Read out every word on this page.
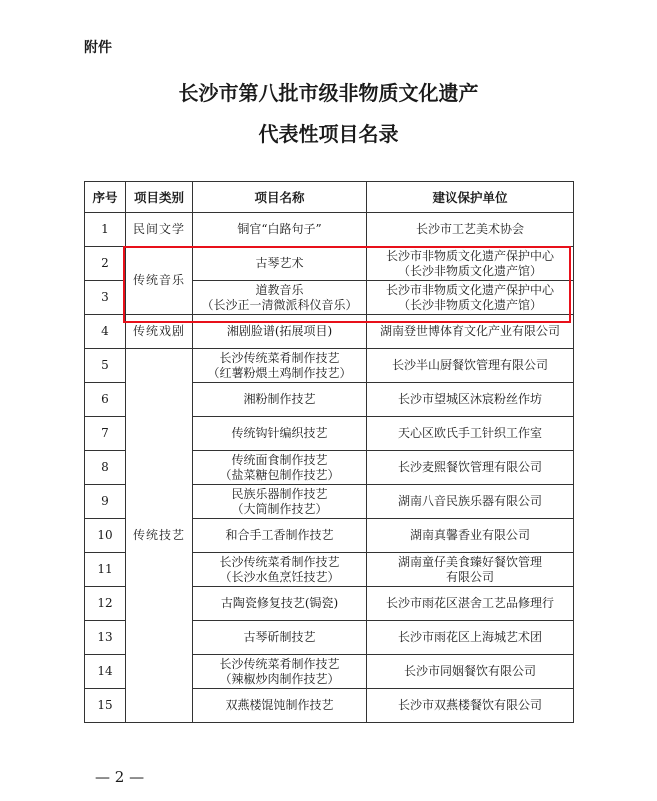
附件
长沙市第八批市级非物质文化遗产
代表性项目名录
序号	项目类别	项目名称	建议保护单位
1	民间文学	铜官“白路句子”	长沙市工艺美术协会

2	传统音乐	古琴艺术	长沙市非物质文化遗产保护中心
（长沙非物质文化遗产馆）

3		道教音乐
（长沙正一清微派科仪音乐）	长沙市非物质文化遗产保护中心
（长沙非物质文化遗产馆）

4	传统戏剧	湘剧脸谱(拓展项目)	湖南登世博体育文化产业有限公司

5	传统技艺	长沙传统菜肴制作技艺
（红薯粉煨土鸡制作技艺）	长沙半山厨餐饮管理有限公司

6		湘粉制作技艺	长沙市望城区沐宸粉丝作坊

7		传统钩针编织技艺	天心区欧氏手工针织工作室

8		传统面食制作技艺
（盐菜糖包制作技艺）	长沙麦熙餐饮管理有限公司

9		民族乐器制作技艺
（大筒制作技艺）	湖南八音民族乐器有限公司

10		和合手工香制作技艺	湖南真馨香业有限公司

11		长沙传统菜肴制作技艺
（长沙水鱼烹饪技艺）	湖南童仔美食臻好餐饮管理
有限公司

12		古陶瓷修复技艺(锔瓷)	长沙市雨花区湛舍工艺品修理行

13		古琴斫制技艺	长沙市雨花区上海城艺术团

14		长沙传统菜肴制作技艺
（辣椒炒肉制作技艺）	长沙市同姻餐饮有限公司

15		双燕楼馄饨制作技艺	长沙市双燕楼餐饮有限公司
— 2 —
